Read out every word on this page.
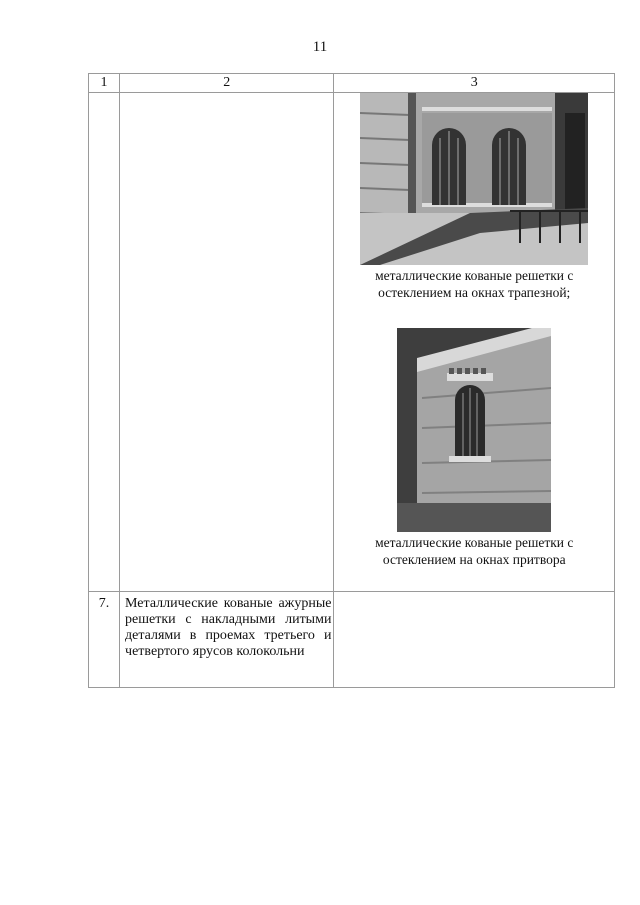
11
1	2	3

		металлические кованые решетки с
остеклением на окнах трапезной;
металлические кованые решетки с
остеклением на окнах притвора

7.	Металлические кованые ажурные решетки с накладными литыми деталями в проемах третьего и четвертого ярусов колокольни	
